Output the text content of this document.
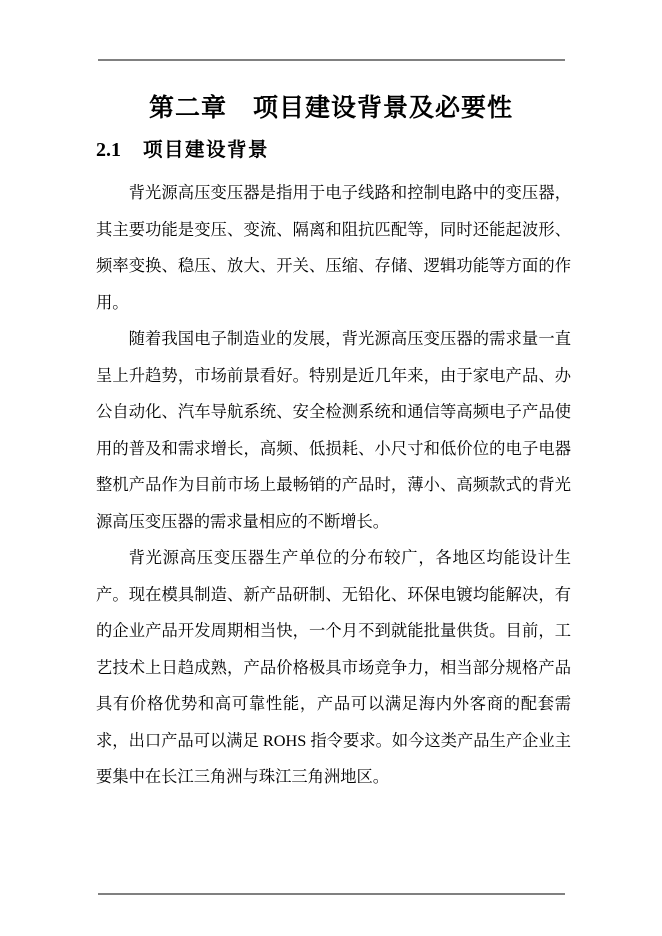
第二章　项目建设背景及必要性
2.1 项目建设背景

背光源高压变压器是指用于电子线路和控制电路中的变压器，其主要功能是变压、变流、隔离和阻抗匹配等，同时还能起波形、频率变换、稳压、放大、开关、压缩、存储、逻辑功能等方面的作用。

随着我国电子制造业的发展，背光源高压变压器的需求量一直呈上升趋势，市场前景看好。特别是近几年来，由于家电产品、办公自动化、汽车导航系统、安全检测系统和通信等高频电子产品使用的普及和需求增长，高频、低损耗、小尺寸和低价位的电子电器整机产品作为目前市场上最畅销的产品时，薄小、高频款式的背光源高压变压器的需求量相应的不断增长。

背光源高压变压器生产单位的分布较广，各地区均能设计生产。现在模具制造、新产品研制、无铅化、环保电镀均能解决，有的企业产品开发周期相当快，一个月不到就能批量供货。目前，工艺技术上日趋成熟，产品价格极具市场竞争力，相当部分规格产品具有价格优势和高可靠性能，产品可以满足海内外客商的配套需求，出口产品可以满足 ROHS 指令要求。如今这类产品生产企业主要集中在长江三角洲与珠江三角洲地区。
